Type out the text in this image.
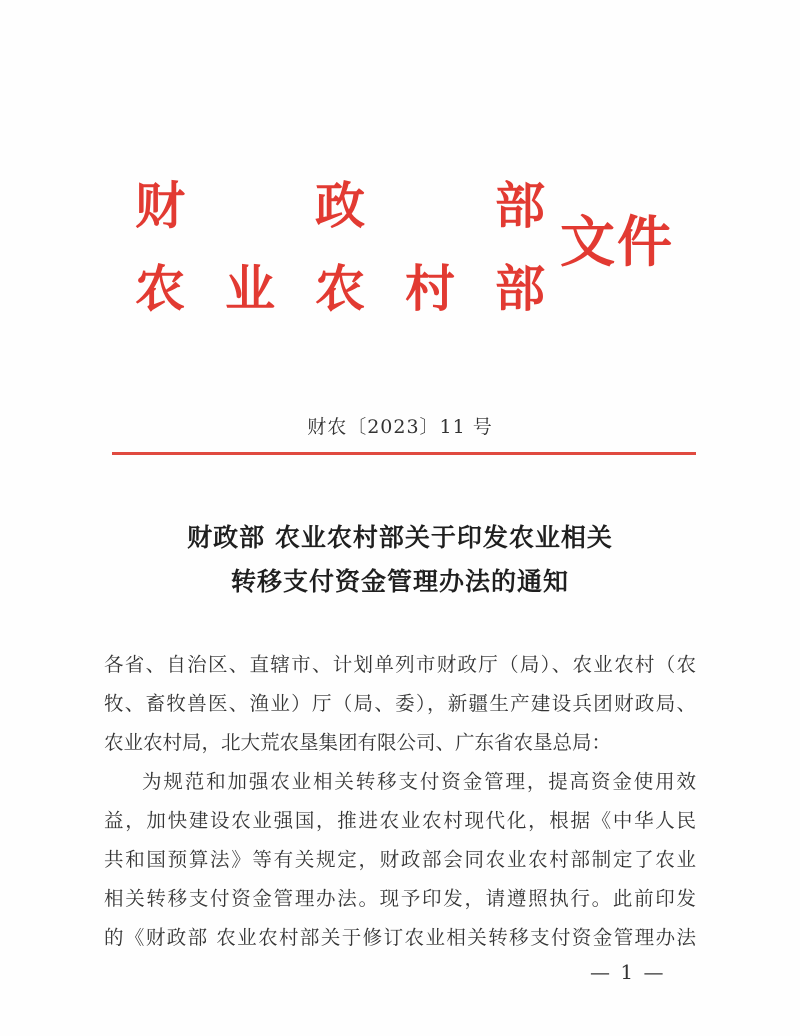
财	政	部
农 业 农 村 部
文件
财农〔2023〕11 号
财政部 农业农村部关于印发农业相关
转移支付资金管理办法的通知
各省、自治区、直辖市、计划单列市财政厅（局）、农业农村（农
牧、畜牧兽医、渔业）厅（局、委），新疆生产建设兵团财政局、
农业农村局，北大荒农垦集团有限公司、广东省农垦总局：
为规范和加强农业相关转移支付资金管理，提高资金使用效
益，加快建设农业强国，推进农业农村现代化，根据《中华人民
共和国预算法》等有关规定，财政部会同农业农村部制定了农业
相关转移支付资金管理办法。现予印发，请遵照执行。此前印发
的《财政部 农业农村部关于修订农业相关转移支付资金管理办法
— 1 —
